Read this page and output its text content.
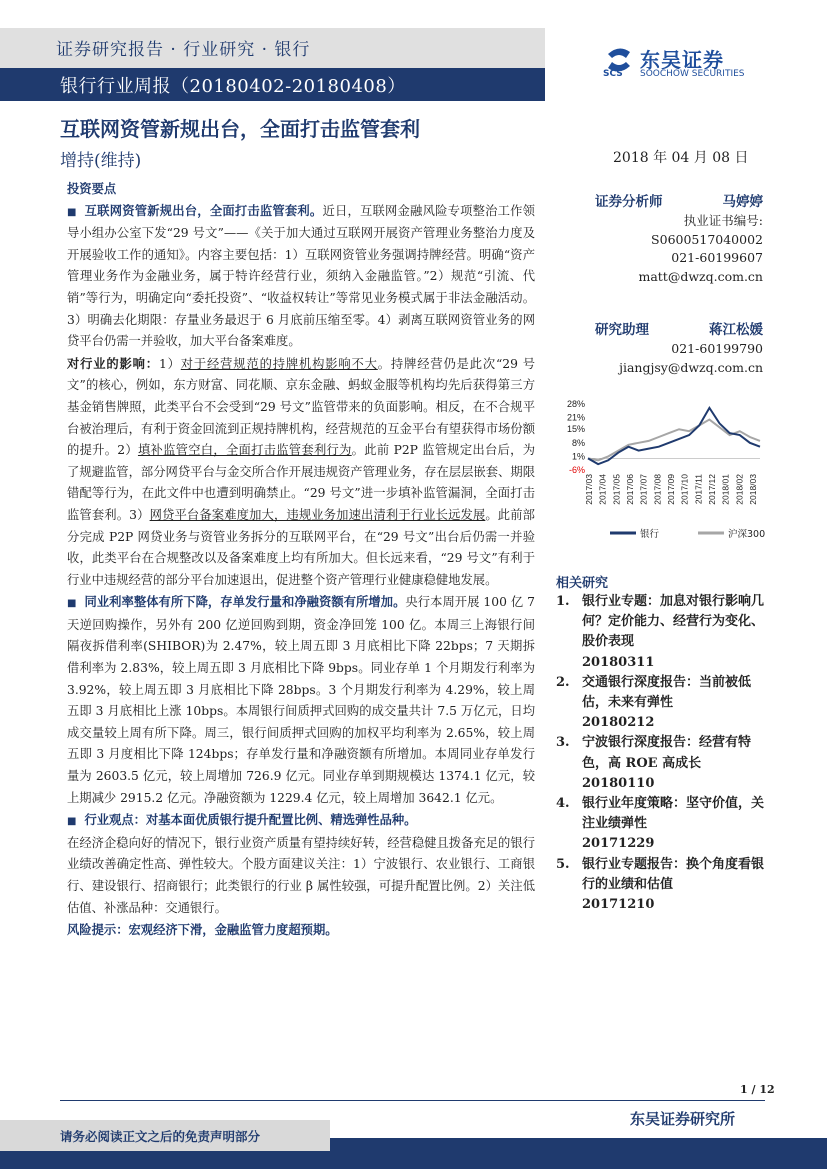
证券研究报告 · 行业研究 · 银行
银行行业周报（20180402-20180408）
东吴证券
SCS SOOCHOW SECURITIES
互联网资管新规出台，全面打击监管套利
增持(维持)	2018 年 04 月 08 日

投资要点

■ 互联网资管新规出台，全面打击监管套利。近日，互联网金融风险专项整治工作领导小组办公室下发“29 号文”——《关于加大通过互联网开展资产管理业务整治力度及开展验收工作的通知》。内容主要包括：1）互联网资管业务强调持牌经营。明确“资产管理业务作为金融业务，属于特许经营行业，须纳入金融监管。”2）规范“引流、代销”等行为，明确定向“委托投资”、“收益权转让”等常见业务模式属于非法金融活动。3）明确去化期限：存量业务最迟于 6 月底前压缩至零。4）剥离互联网资管业务的网贷平台仍需一并验收，加大平台备案难度。

对行业的影响：1）对于经营规范的持牌机构影响不大。持牌经营仍是此次“29 号文”的核心，例如，东方财富、同花顺、京东金融、蚂蚁金服等机构均先后获得第三方基金销售牌照，此类平台不会受到“29 号文”监管带来的负面影响。相反，在不合规平台被治理后，有利于资金回流到正规持牌机构，经营规范的互金平台有望获得市场份额的提升。2）填补监管空白，全面打击监管套利行为。此前 P2P 监管规定出台后，为了规避监管，部分网贷平台与金交所合作开展违规资产管理业务，存在层层嵌套、期限错配等行为，在此文件中也遭到明确禁止。“29 号文”进一步填补监管漏洞，全面打击监管套利。3）网贷平台备案难度加大，违规业务加速出清利于行业长远发展。此前部分完成 P2P 网贷业务与资管业务拆分的互联网平台，在“29 号文”出台后仍需一并验收，此类平台在合规整改以及备案难度上均有所加大。但长远来看，“29 号文”有利于行业中违规经营的部分平台加速退出，促进整个资产管理行业健康稳健地发展。

■ 同业利率整体有所下降，存单发行量和净融资额有所增加。央行本周开展 100 亿 7 天逆回购操作，另外有 200 亿逆回购到期，资金净回笼 100 亿。本周三上海银行间隔夜拆借利率(SHIBOR)为 2.47%，较上周五即 3 月底相比下降 22bps；7 天期拆借利率为 2.83%，较上周五即 3 月底相比下降 9bps。同业存单 1 个月期发行利率为 3.92%，较上周五即 3 月底相比下降 28bps。3 个月期发行利率为 4.29%，较上周五即 3 月底相比上涨 10bps。本周银行间质押式回购的成交量共计 7.5 万亿元，日均成交量较上周有所下降。周三，银行间质押式回购的加权平均利率为 2.65%，较上周五即 3 月度相比下降 124bps；存单发行量和净融资额有所增加。本周同业存单发行量为 2603.5 亿元，较上周增加 726.9 亿元。同业存单到期规模达 1374.1 亿元，较上期减少 2915.2 亿元。净融资额为 1229.4 亿元，较上周增加 3642.1 亿元。

■ 行业观点：对基本面优质银行提升配置比例、精选弹性品种。

在经济企稳向好的情况下，银行业资产质量有望持续好转，经营稳健且拨备充足的银行业绩改善确定性高、弹性较大。个股方面建议关注：1）宁波银行、农业银行、工商银行、建设银行、招商银行；此类银行的行业 β 属性较强，可提升配置比例。2）关注低估值、补涨品种：交通银行。

风险提示：宏观经济下滑，金融监管力度超预期。

证券分析师	马婷婷
执业证书编号:
S0600517040002
021-60199607
matt@dwzq.com.cn
研究助理	蒋江松媛
021-60199790
jiangjsy@dwzq.com.cn
28%
21%
15%
8%
1%
-6%
2017/03 2017/04 2017/05 2017/06 2017/07 2017/08 2017/09 2017/10 2017/11 2017/12 2018/01 2018/02 2018/03
银行	沪深300
相关研究
1. 银行业专题：加息对银行影响几何？定价能力、经营行为变化、股价表现
20180311
2. 交通银行深度报告：当前被低估，未来有弹性
20180212
3. 宁波银行深度报告：经营有特色，高 ROE 高成长
20180110
4. 银行业年度策略：坚守价值，关注业绩弹性
20171229
5. 银行业专题报告：换个角度看银行的业绩和估值
20171210
1 / 12
东吴证券研究所
请务必阅读正文之后的免责声明部分
